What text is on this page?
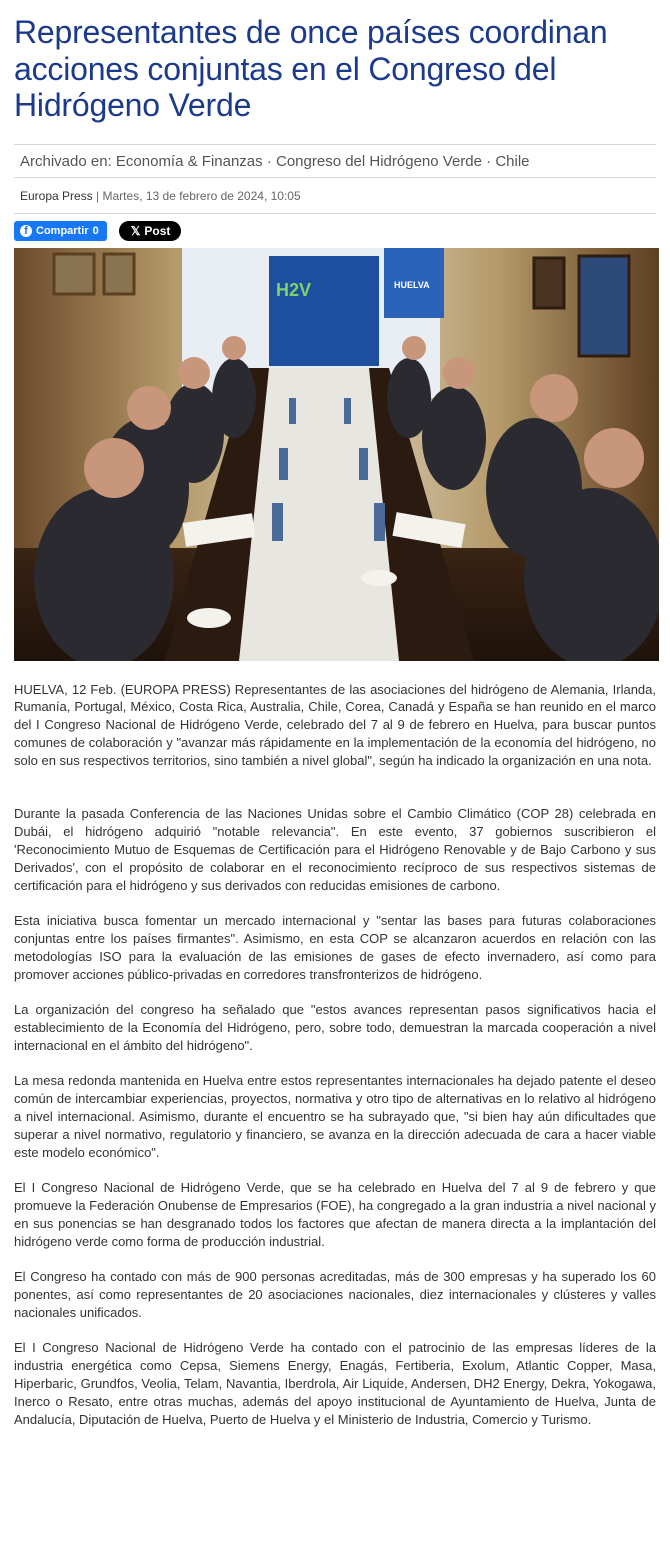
Representantes de once países coordinan acciones conjuntas en el Congreso del Hidrógeno Verde
Archivado en: Economía & Finanzas · Congreso del Hidrógeno Verde · Chile
Europa Press | Martes, 13 de febrero de 2024, 10:05
f Compartir 0	𝕏 Post
H2V	HUELVA

HUELVA, 12 Feb. (EUROPA PRESS) Representantes de las asociaciones del hidrógeno de Alemania, Irlanda, Rumanía, Portugal, México, Costa Rica, Australia, Chile, Corea, Canadá y España se han reunido en el marco del I Congreso Nacional de Hidrógeno Verde, celebrado del 7 al 9 de febrero en Huelva, para buscar puntos comunes de colaboración y "avanzar más rápidamente en la implementación de la economía del hidrógeno, no solo en sus respectivos territorios, sino también a nivel global", según ha indicado la organización en una nota.

Durante la pasada Conferencia de las Naciones Unidas sobre el Cambio Climático (COP 28) celebrada en Dubái, el hidrógeno adquirió "notable relevancia". En este evento, 37 gobiernos suscribieron el 'Reconocimiento Mutuo de Esquemas de Certificación para el Hidrógeno Renovable y de Bajo Carbono y sus Derivados', con el propósito de colaborar en el reconocimiento recíproco de sus respectivos sistemas de certificación para el hidrógeno y sus derivados con reducidas emisiones de carbono.

Esta iniciativa busca fomentar un mercado internacional y "sentar las bases para futuras colaboraciones conjuntas entre los países firmantes". Asimismo, en esta COP se alcanzaron acuerdos en relación con las metodologías ISO para la evaluación de las emisiones de gases de efecto invernadero, así como para promover acciones público-privadas en corredores transfronterizos de hidrógeno.

La organización del congreso ha señalado que "estos avances representan pasos significativos hacia el establecimiento de la Economía del Hidrógeno, pero, sobre todo, demuestran la marcada cooperación a nivel internacional en el ámbito del hidrógeno".

La mesa redonda mantenida en Huelva entre estos representantes internacionales ha dejado patente el deseo común de intercambiar experiencias, proyectos, normativa y otro tipo de alternativas en lo relativo al hidrógeno a nivel internacional. Asimismo, durante el encuentro se ha subrayado que, "si bien hay aún dificultades que superar a nivel normativo, regulatorio y financiero, se avanza en la dirección adecuada de cara a hacer viable este modelo económico".

El I Congreso Nacional de Hidrógeno Verde, que se ha celebrado en Huelva del 7 al 9 de febrero y que promueve la Federación Onubense de Empresarios (FOE), ha congregado a la gran industria a nivel nacional y en sus ponencias se han desgranado todos los factores que afectan de manera directa a la implantación del hidrógeno verde como forma de producción industrial.

El Congreso ha contado con más de 900 personas acreditadas, más de 300 empresas y ha superado los 60 ponentes, así como representantes de 20 asociaciones nacionales, diez internacionales y clústeres y valles nacionales unificados.

El I Congreso Nacional de Hidrógeno Verde ha contado con el patrocinio de las empresas líderes de la industria energética como Cepsa, Siemens Energy, Enagás, Fertiberia, Exolum, Atlantic Copper, Masa, Hiperbaric, Grundfos, Veolia, Telam, Navantia, Iberdrola, Air Liquide, Andersen, DH2 Energy, Dekra, Yokogawa, Inerco o Resato, entre otras muchas, además del apoyo institucional de Ayuntamiento de Huelva, Junta de Andalucía, Diputación de Huelva, Puerto de Huelva y el Ministerio de Industria, Comercio y Turismo.
